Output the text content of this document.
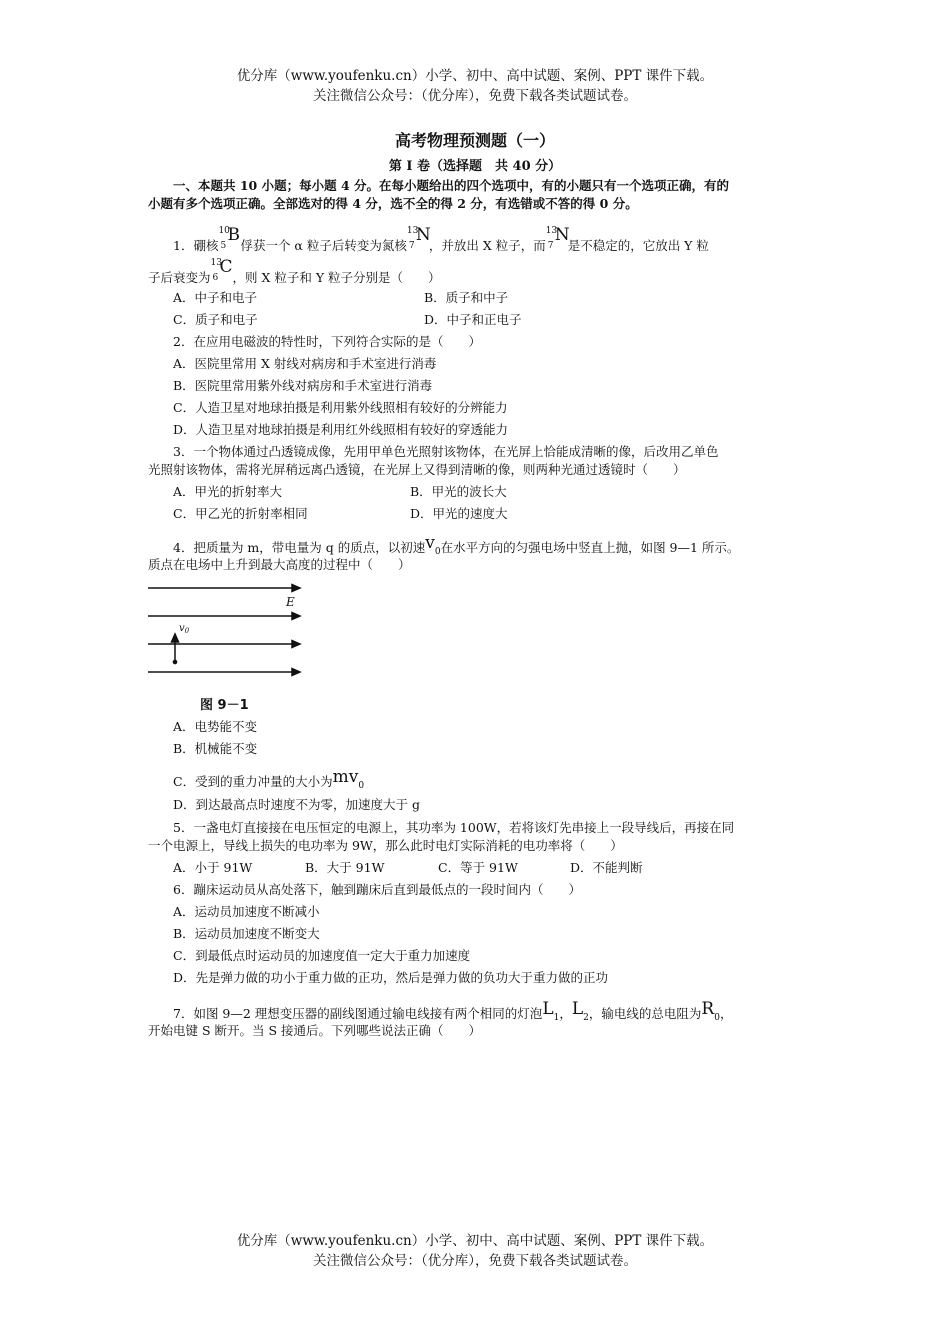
优分库（www.youfenku.cn）小学、初中、高中试题、案例、PPT 课件下载。
关注微信公众号：（优分库），免费下载各类试题试卷。
高考物理预测题（一）
第 I 卷（选择题　共 40 分）
一、本题共 10 小题；每小题 4 分。在每小题给出的四个选项中，有的小题只有一个选项正确，有的
小题有多个选项正确。全部选对的得 4 分，选不全的得 2 分，有选错或不答的得 0 分。
1．硼核
10
5
B
俘获一个 α 粒子后转变为氮核
13
7
N
，并放出 X 粒子，而
13
7
N
是不稳定的，它放出 Y 粒
子后衰变为
13
6
C
，则 X 粒子和 Y 粒子分别是（　　）
A．中子和电子	B．质子和中子
C．质子和电子	D．中子和正电子
2．在应用电磁波的特性时，下列符合实际的是（　　）
A．医院里常用 X 射线对病房和手术室进行消毒
B．医院里常用紫外线对病房和手术室进行消毒
C．人造卫星对地球拍摄是利用紫外线照相有较好的分辨能力
D．人造卫星对地球拍摄是利用红外线照相有较好的穿透能力
3．一个物体通过凸透镜成像，先用甲单色光照射该物体，在光屏上恰能成清晰的像，后改用乙单色
光照射该物体，需将光屏稍远离凸透镜，在光屏上又得到清晰的像，则两种光通过透镜时（　　）
A．甲光的折射率大	B．甲光的波长大
C．甲乙光的折射率相同	D．甲光的速度大
4．把质量为 m，带电量为 q 的质点，以初速$v_0$在水平方向的匀强电场中竖直上抛，如图 9—1 所示。
质点在电场中上升到最大高度的过程中（　　）
A．电势能不变
B．机械能不变
C．受到的重力冲量的大小为$mv_0$
D．到达最高点时速度不为零，加速度大于 g
5．一盏电灯直接接在电压恒定的电源上，其功率为 100W，若将该灯先串接上一段导线后，再接在同
一个电源上，导线上损失的电功率为 9W，那么此时电灯实际消耗的电功率将（　　）
A．小于 91W	B．大于 91W	C．等于 91W	D．不能判断
6．蹦床运动员从高处落下，触到蹦床后直到最低点的一段时间内（　　）
A．运动员加速度不断减小
B．运动员加速度不断变大
C．到最低点时运动员的加速度值一定大于重力加速度
D．先是弹力做的功小于重力做的正功，然后是弹力做的负功大于重力做的正功
7．如图 9—2 理想变压器的副线图通过输电线接有两个相同的灯泡$L_1$，$L_2$，输电线的总电阻为$R_0$，
开始电键 S 断开。当 S 接通后。下列哪些说法正确（　　）
E
$v_0$
图 9－1
优分库（www.youfenku.cn）小学、初中、高中试题、案例、PPT 课件下载。
关注微信公众号：（优分库），免费下载各类试题试卷。
